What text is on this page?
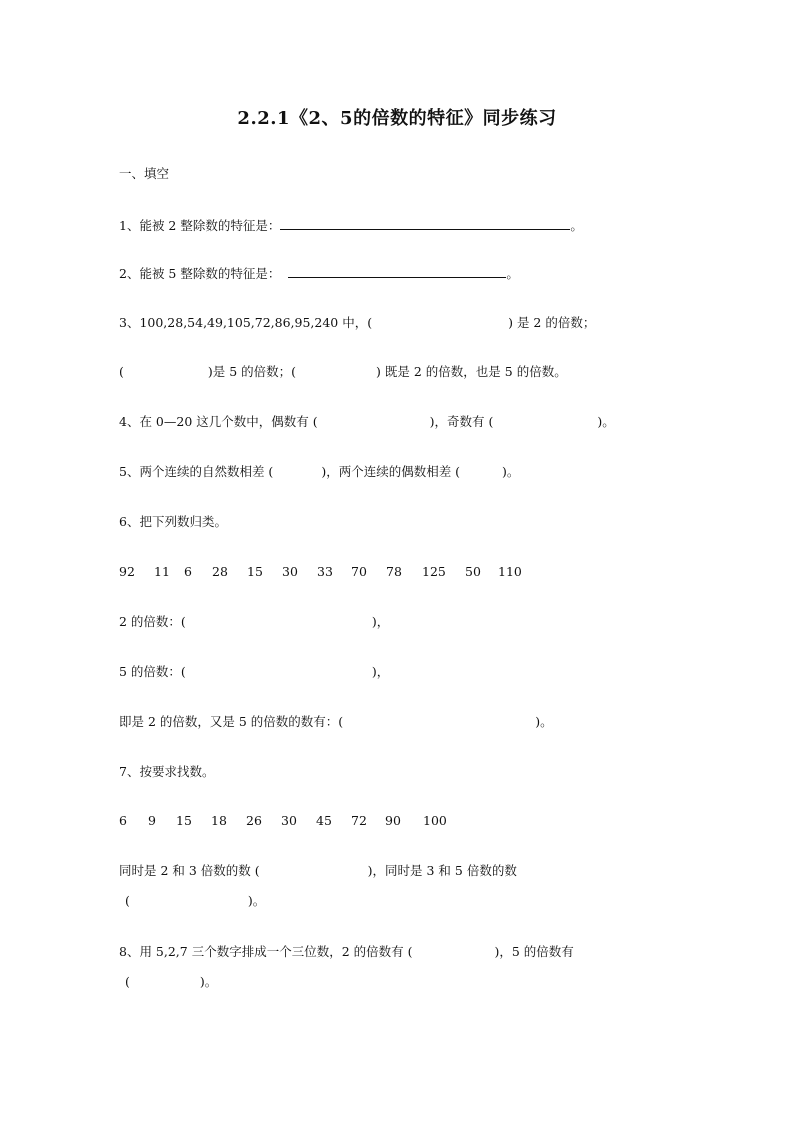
2.2.1《2、5的倍数的特征》同步练习
一、填空
1、能被 2 整除数的特征是：	。
2、能被 5 整除数的特征是：	。
3、100,28,54,49,105,72,86,95,240 中，(	) 是 2 的倍数；
(	)是 5 的倍数；(	) 既是 2 的倍数，也是 5 的倍数。
4、在 0—20 这几个数中，偶数有 (	)，奇数有 (	)。
5、两个连续的自然数相差 (	)，两个连续的偶数相差 (	)。
6、把下列数归类。
92 11 6 28 15 30 33 70 78 125 50 110
2 的倍数：(	)，
5 的倍数：(	)，
即是 2 的倍数，又是 5 的倍数的数有：(	)。
7、按要求找数。
6 9 15 18 26 30 45 72 90 100
同时是 2 和 3 倍数的数 (	)，同时是 3 和 5 倍数的数
(	)。
8、用 5,2,7 三个数字排成一个三位数，2 的倍数有 (	)，5 的倍数有
(	)。
